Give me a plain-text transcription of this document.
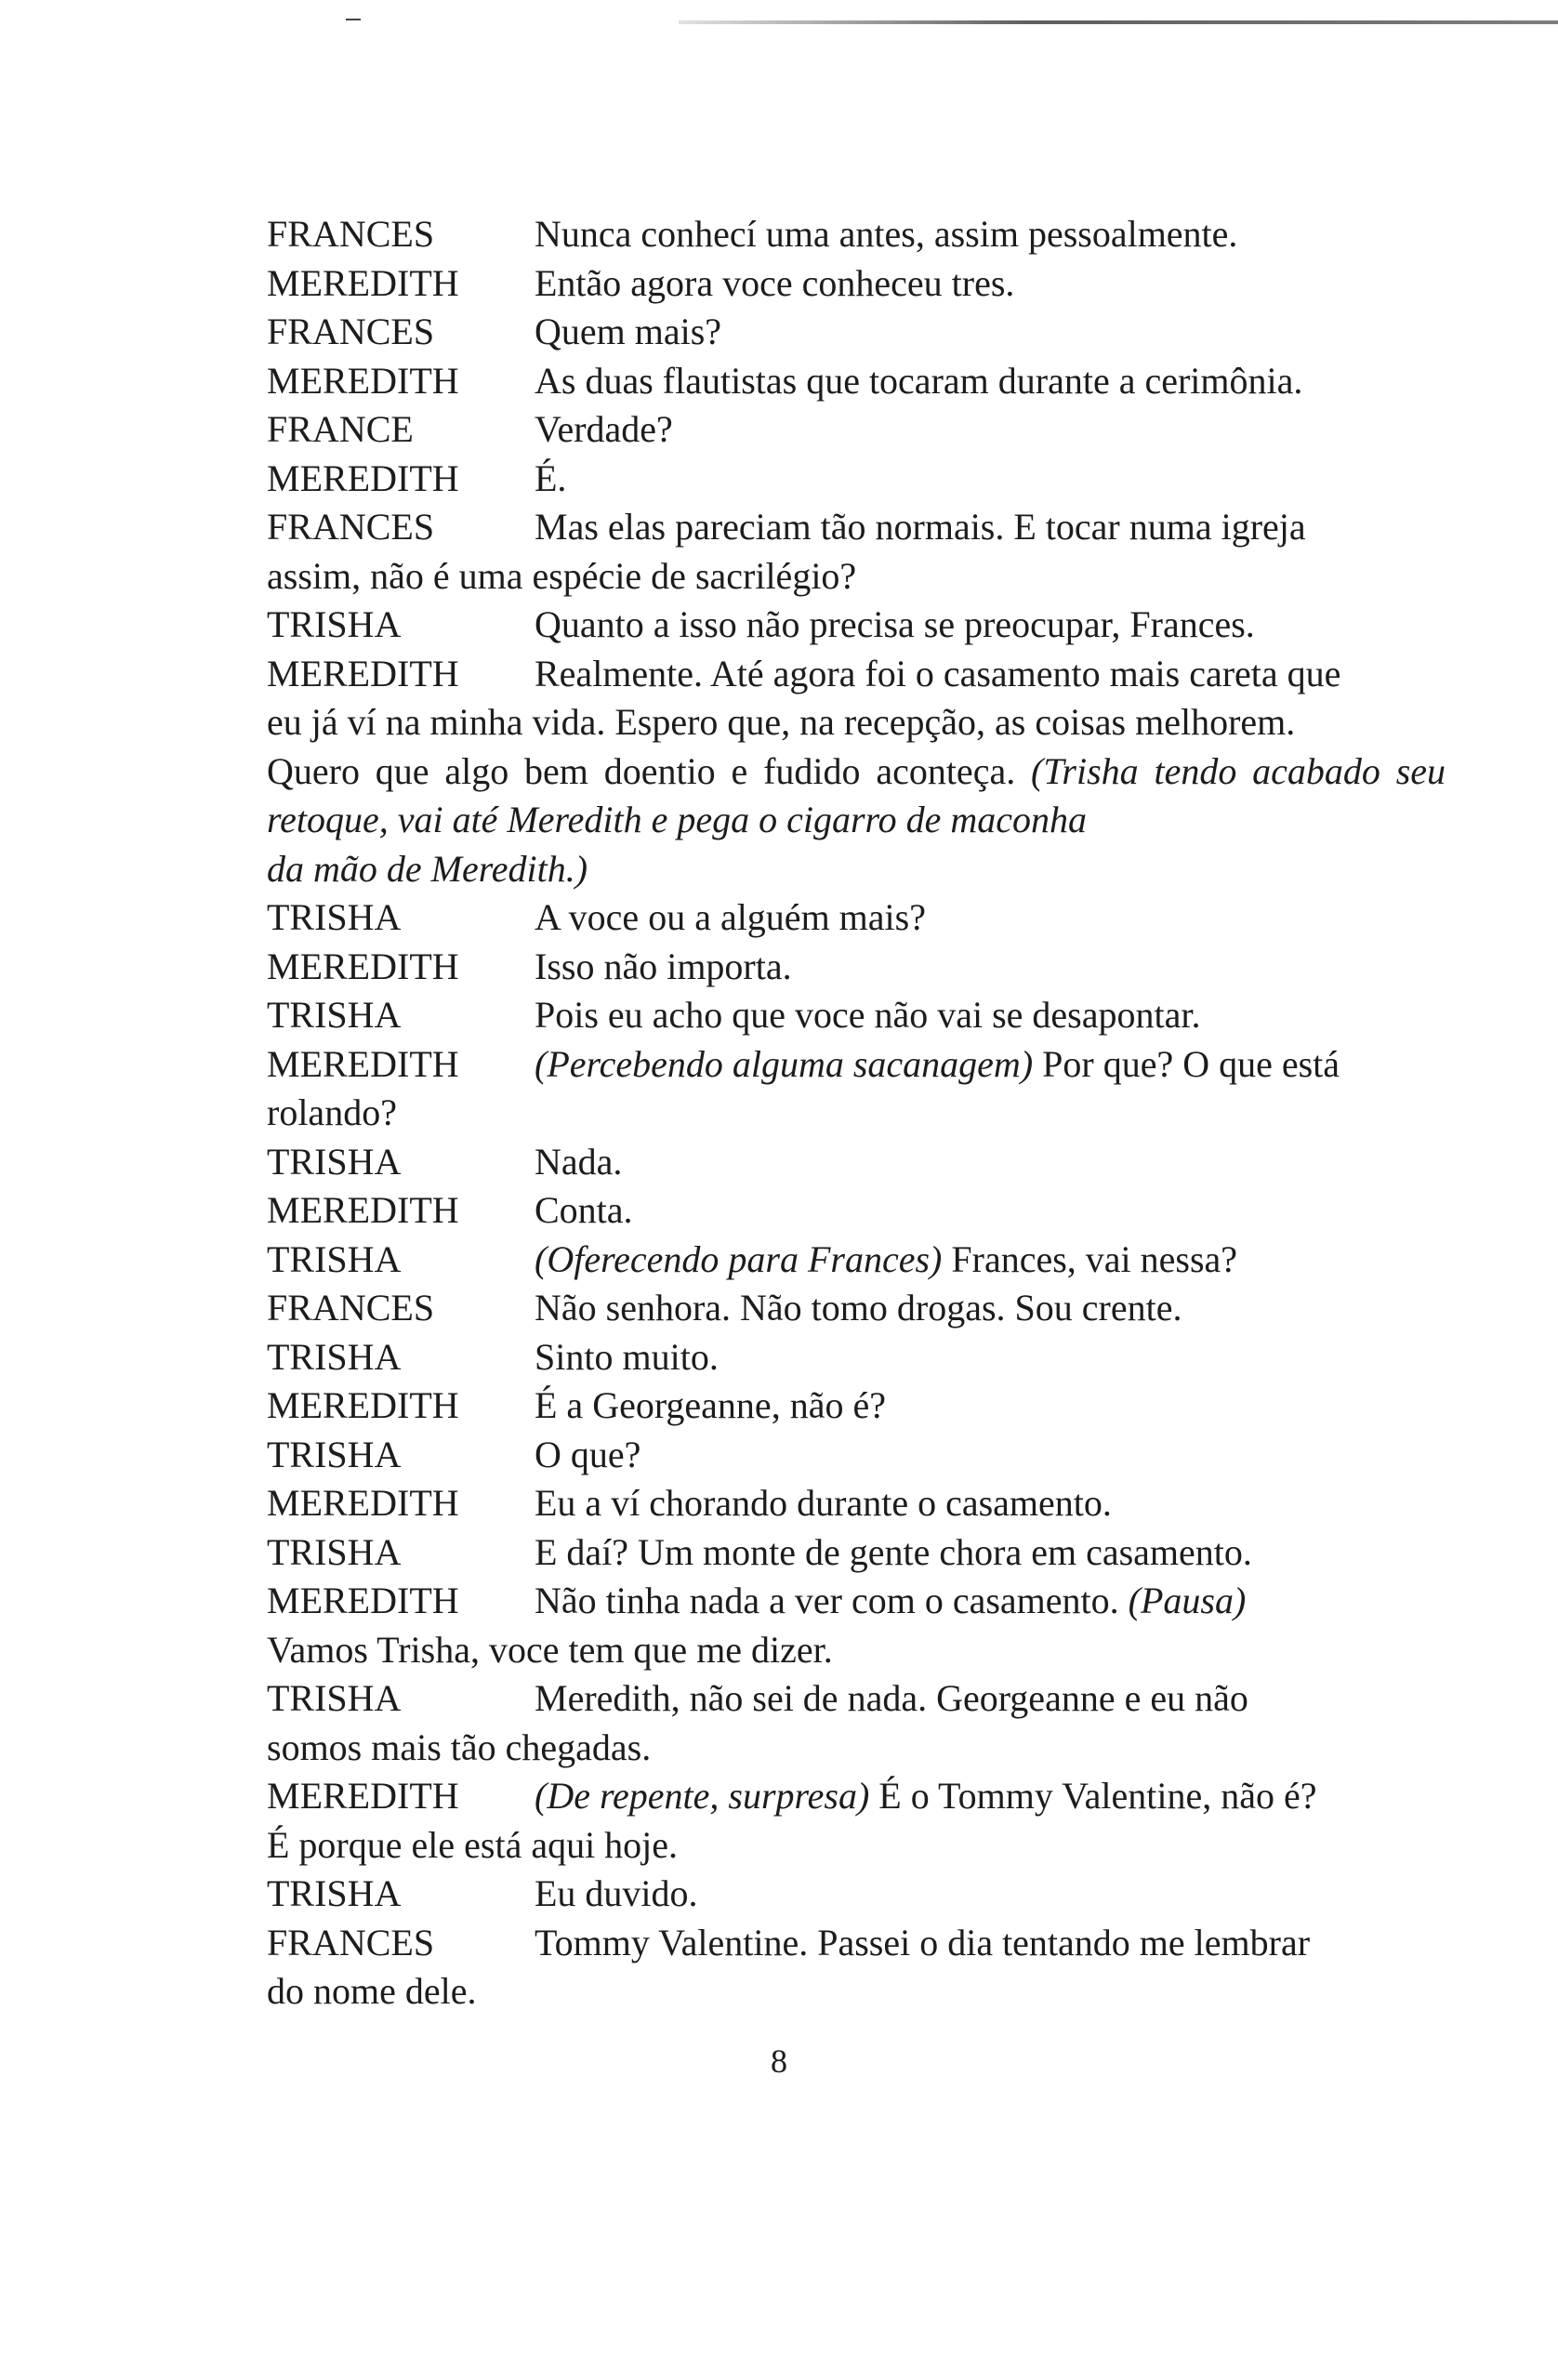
FRANCES	Nunca conhecí uma antes, assim pessoalmente.

MEREDITH Então agora voce conheceu tres.

FRANCES	Quem mais?

MEREDITH As duas flautistas que tocaram durante a cerimônia.

FRANCE	Verdade?

MEREDITH É.

FRANCES	Mas elas pareciam tão normais. E tocar numa igreja

assim, não é uma espécie de sacrilégio?

TRISHA	Quanto a isso não precisa se preocupar, Frances.

MEREDITH Realmente. Até agora foi o casamento mais careta que

eu já ví na minha vida. Espero que, na recepção, as coisas melhorem.

Quero que algo bem doentio e fudido aconteça. (Trisha tendo acabado seu retoque, vai até Meredith e pega o cigarro de maconha

da mão de Meredith.)

TRISHA	A voce ou a alguém mais?

MEREDITH Isso não importa.

TRISHA	Pois eu acho que voce não vai se desapontar.

MEREDITH (Percebendo alguma sacanagem) Por que? O que está

rolando?

TRISHA	Nada.

MEREDITH Conta.

TRISHA	(Oferecendo para Frances) Frances, vai nessa?

FRANCES	Não senhora. Não tomo drogas. Sou crente.

TRISHA	Sinto muito.

MEREDITH É a Georgeanne, não é?

TRISHA	O que?

MEREDITH Eu a ví chorando durante o casamento.

TRISHA	E daí? Um monte de gente chora em casamento.

MEREDITH Não tinha nada a ver com o casamento. (Pausa)

Vamos Trisha, voce tem que me dizer.

TRISHA	Meredith, não sei de nada. Georgeanne e eu não

somos mais tão chegadas.

MEREDITH (De repente, surpresa) É o Tommy Valentine, não é?

É porque ele está aqui hoje.

TRISHA	Eu duvido.

FRANCES	Tommy Valentine. Passei o dia tentando me lembrar

do nome dele.

8
